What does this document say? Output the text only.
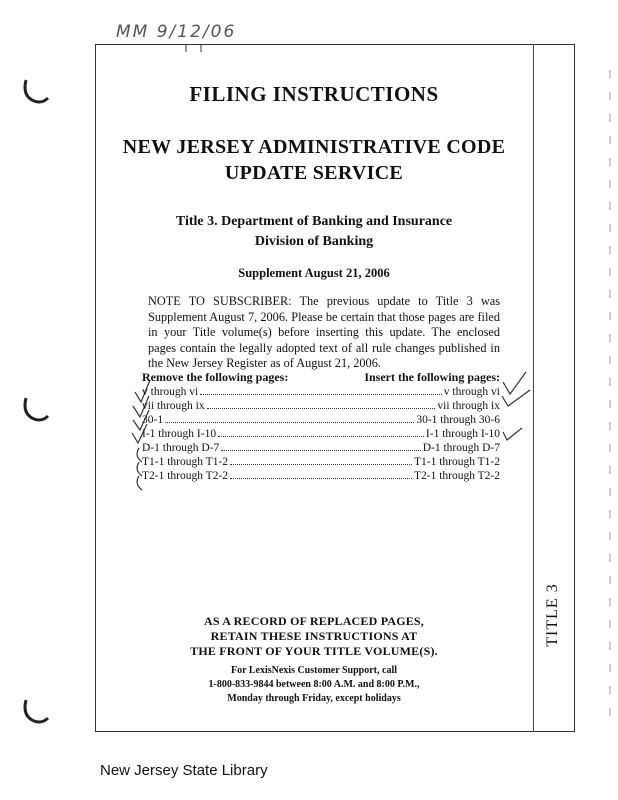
MM 9/12/06
TITLE 3
FILING INSTRUCTIONS
NEW JERSEY ADMINISTRATIVE CODE
UPDATE SERVICE
Title 3. Department of Banking and Insurance
Division of Banking
Supplement August 21, 2006
NOTE TO SUBSCRIBER: The previous update to Title 3 was Supplement August 7, 2006. Please be certain that those pages are filed in your Title volume(s) before inserting this update. The enclosed pages contain the legally adopted text of all rule changes published in the New Jersey Register as of August 21, 2006.
Remove the following pages:	Insert the following pages:
v through vi	v through vi
vii through ix	vii through ix
30-1	30-1 through 30-6
I-1 through I-10	I-1 through I-10
D-1 through D-7	D-1 through D-7
T1-1 through T1-2	T1-1 through T1-2
T2-1 through T2-2	T2-1 through T2-2
AS A RECORD OF REPLACED PAGES,
RETAIN THESE INSTRUCTIONS AT
THE FRONT OF YOUR TITLE VOLUME(S).
For LexisNexis Customer Support, call
1-800-833-9844 between 8:00 A.M. and 8:00 P.M.,
Monday through Friday, except holidays
New Jersey State Library
